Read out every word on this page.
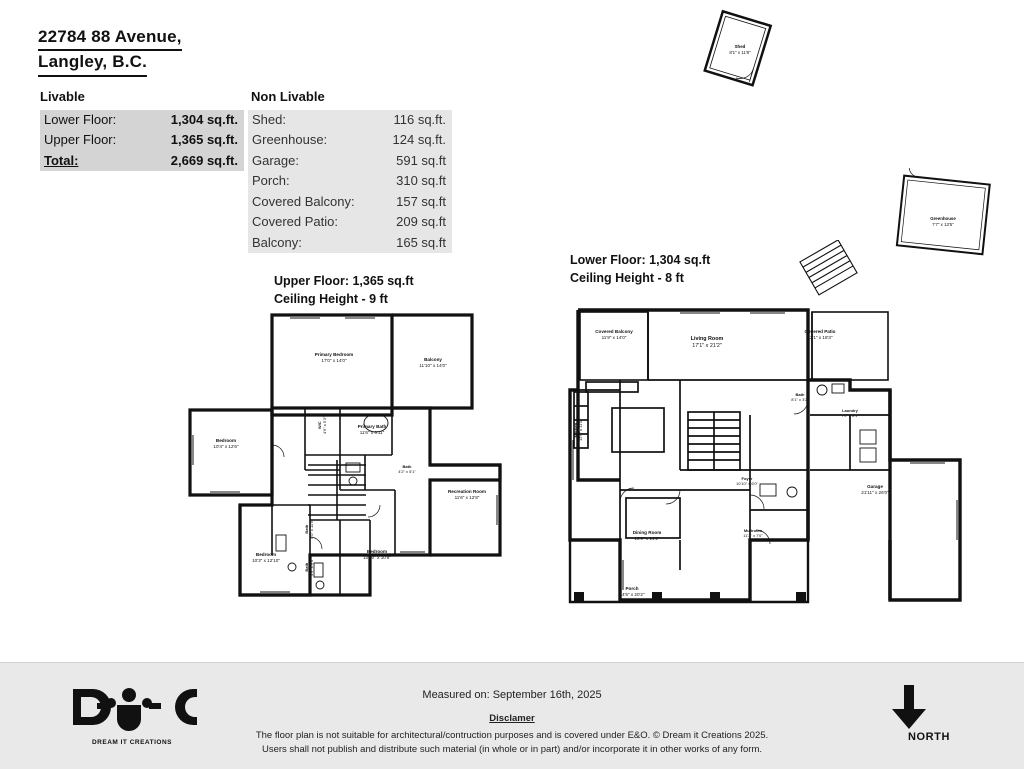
22784 88 Avenue,
Langley, B.C.
Livable
Lower Floor:	1,304 sq.ft.
Upper Floor:	1,365 sq.ft.
Total:	2,669 sq.ft.
Non Livable
Shed:	116 sq.ft.
Greenhouse:	124 sq.ft.
Garage:	591 sq.ft
Porch:	310 sq.ft
Covered Balcony:	157 sq.ft
Covered Patio:	209 sq.ft
Balcony:	165 sq.ft
Shed
8'1" x 11'8"
Greenhouse
7'7" x 13'5"
Upper Floor: 1,365 sq.ft
Ceiling Height - 9 ft
Primary Bedroom
17'0" x 14'0"	Balcony
11'10" x 14'0"
Bedroom
10'4" x 12'6"
W/C 4'6" x 5'3"	Primary Bath
11'6" x 6'11"
Bath
4'2" x 5'1"
Recreation Room
11'6" x 12'8"
Bath 5'0" x 11'6"
Bath 4'9" x 9'0"
Bedroom
10'3" x 12'10"
Bedroom
10'10" x 10'9"
Lower Floor: 1,304 sq.ft
Ceiling Height - 8 ft
Covered Balcony
11'9" x 14'0"	Living Room
17'1" x 21'2"
Covered Patio
12'1" x 18'3"
Bath
8'1" x 3'2"
Laundry
7'0" x 8'1"
Kitchen 12'0" x 11'0"
Foyer
10'10" x 6'0"
Garage
21'11" x 26'0"
Dining Room
13'9" x 14'2"
Mudroom
11'2" x 7'0"
Porch
14'5" x 20'2"
Measured on: September 16th, 2025
Disclamer
The floor plan is not suitable for architectural/contruction purposes and is covered under E&O. © Dream it Creations 2025.
Users shall not publish and distribute such material (in whole or in part) and/or incorporate it in other works of any form.
DREAM IT CREATIONS	NORTH
